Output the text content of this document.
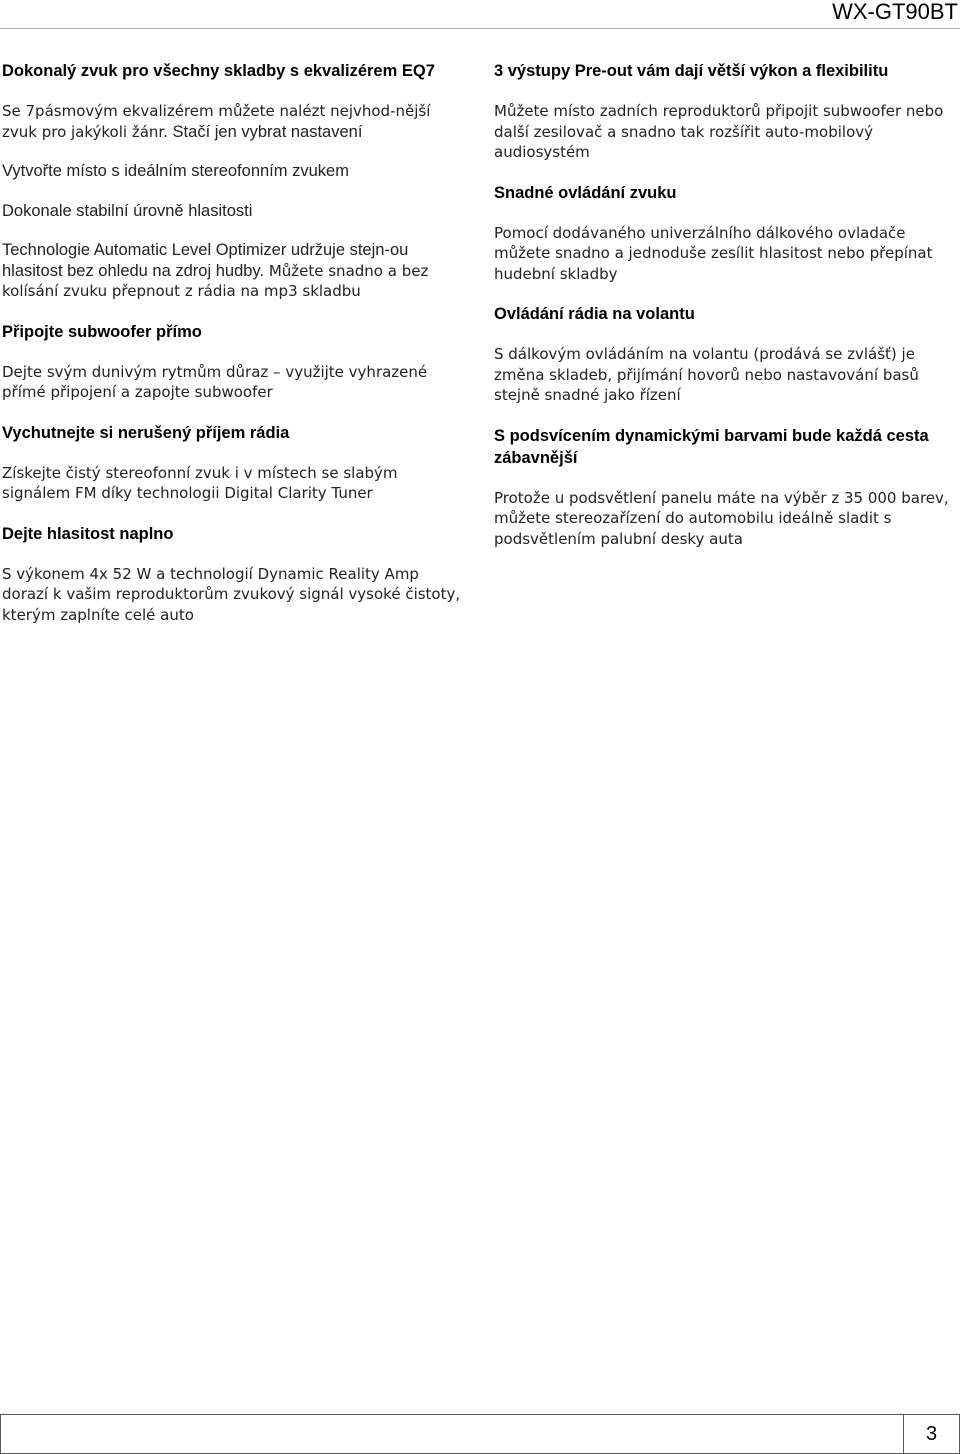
WX-GT90BT
Dokonalý zvuk pro všechny skladby s ekvalizérem EQ7
Se 7pásmovým ekvalizérem můžete nalézt nejvhod-nější zvuk pro jakýkoli žánr. Stačí jen vybrat nastavení
Vytvořte místo s ideálním stereofonním zvukem
Dokonale stabilní úrovně hlasitosti
Technologie Automatic Level Optimizer udržuje stejn-ou hlasitost bez ohledu na zdroj hudby. Můžete snadno a bez kolísání zvuku přepnout z rádia na mp3 skladbu
Připojte subwoofer přímo
Dejte svým dunivým rytmům důraz – využijte vyhrazené přímé připojení a zapojte subwoofer
Vychutnejte si nerušený příjem rádia
Získejte čistý stereofonní zvuk i v místech se slabým signálem FM díky technologii Digital Clarity Tuner
Dejte hlasitost naplno
S výkonem 4x 52 W a technologií Dynamic Reality Amp dorazí k vašim reproduktorům zvukový signál vysoké čistoty, kterým zaplníte celé auto
3 výstupy Pre-out vám dají větší výkon a flexibilitu
Můžete místo zadních reproduktorů připojit subwoofer nebo další zesilovač a snadno tak rozšířit auto-mobilový audiosystém
Snadné ovládání zvuku
Pomocí dodávaného univerzálního dálkového ovladače můžete snadno a jednoduše zesílit hlasitost nebo přepínat hudební skladby
Ovládání rádia na volantu
S dálkovým ovládáním na volantu (prodává se zvlášť) je změna skladeb, přijímání hovorů nebo nastavování basů stejně snadné jako řízení
S podsvícením dynamickými barvami bude každá cesta zábavnější
Protože u podsvětlení panelu máte na výběr z 35 000 barev, můžete stereozařízení do automobilu ideálně sladit s podsvětlením palubní desky auta
3
